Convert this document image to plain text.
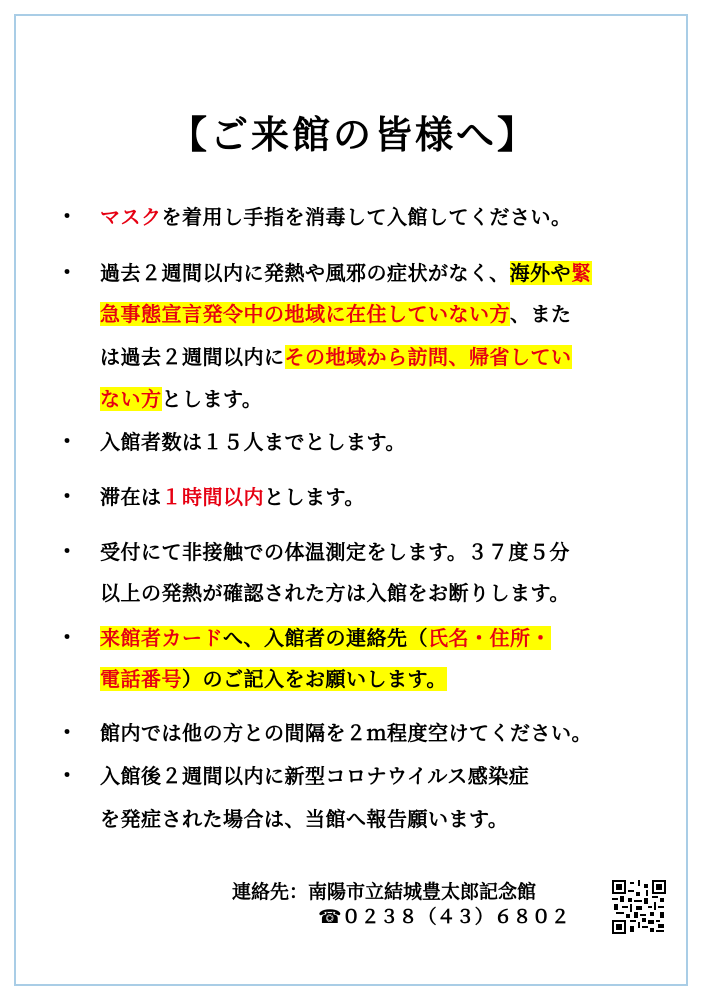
【ご来館の皆様へ】
・ マスクを着用し手指を消毒して入館してください。
・ 過去２週間以内に発熱や風邪の症状がなく、海外や緊
急事態宣言発令中の地域に在住していない方、また
は過去２週間以内にその地域から訪問、帰省してい
ない方とします。
・ 入館者数は１５人までとします。
・ 滞在は１時間以内とします。
・ 受付にて非接触での体温測定をします。３７度５分
以上の発熱が確認された方は入館をお断りします。
・ 来館者カードへ、入館者の連絡先（氏名・住所・
電話番号）のご記入をお願いします。
・ 館内では他の方との間隔を２ｍ程度空けてください。
・ 入館後２週間以内に新型コロナウイルス感染症
を発症された場合は、当館へ報告願います。
連絡先：南陽市立結城豊太郎記念館
☎０２３８（４３）６８０２
